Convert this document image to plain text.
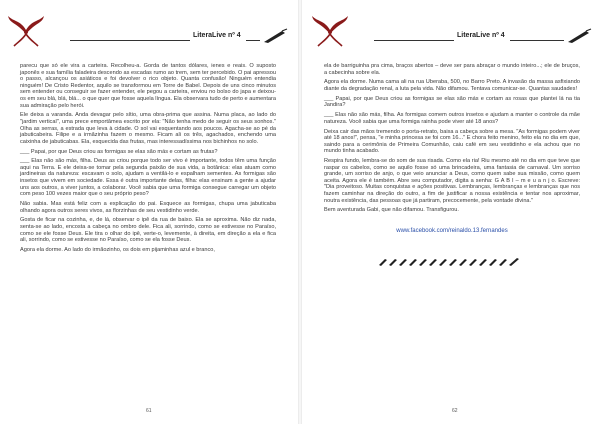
LiteraLive nº 4

parecu que só ele vira a carteira. Recolheu-a. Gorda de tantos dólares, ienes e reais. O suposto japonês e sua família faladeira descendo as escadas rumo ao trem, sem ter percebido. O pai apressou o passo, alcançou os asiáticos e foi devolver o rico objeto. Quanta confusão! Ninguém entendia ninguém! De Cristo Redentor, aquilo se transformou em Torre de Babel. Depois de uns cinco minutos sem entender ou conseguir se fazer entender, ele pegou a carteira, enviou no bolso do japa e deixou-os em seu blá, blá, blá... o que quer que fosse aquela língua. Ela observara tudo de perto e aumentara sua admiração pelo herói.

Ele deixa a varanda. Anda devagar pelo sítio, uma obra-prima que assina. Numa placa, ao lado do "jardim vertical", uma prece emportâmea escrito por ela: "Não tenha medo de seguir os seus sonhos." Olha as serras, a estrada que leva à cidade. O sol vai esquentando aos poucos. Agacha-se ao pé da jabuticabeira. Filipe e a irmãzinha fazem o mesmo. Ficam ali os três, agachados, enchendo uma caixinha de jabuticabas. Ela, esquecida das frutas, mas interessadíssima nos bichinhos no solo.

___ Papai, por que Deus criou as formigas se elas são más e cortam as frutas?

___ Elas não são más, filha. Deus as criou porque todo ser vivo é importante, todos têm uma função aqui na Terra. E ele deixa-se tomar pela segunda paixão de sua vida, a botânica: elas atuam como jardineiras da natureza: escavam o solo, ajudam a ventilá-lo e espalham sementes. As formigas são insetos que vivem em sociedade. Essa é outra importante delas, filha: elas ensinam a gente a ajudar uns aos outros, a viver juntos, a colaborar. Você sabia que uma formiga consegue carregar um objeto com peso 100 vezes maior que o seu próprio peso?

Não sabia. Mas está feliz com a explicação do pai. Esquece as formigas, chupa uma jabuticaba olhando agora outros seres vivos, as florzinhas de seu vestidinho verde.

Gosta de ficar na cozinha, e, de lá, observar o ipê da rua de baixo. Ela se aproxima. Não diz nada, senta-se ao lado, encosta a cabeça no ombro dele. Fica ali, sorrindo, como se estivesse no Paraíso, como se ele fosse Deus. Ele tira o olhar do ipê, verte-o, levemente, à direita, em direção a ela e fica ali, sorrindo, como se estivesse no Paraíso, como se ela fosse Deus.

Agora ela dorme. Ao lado do irmãozinho, os dois em pijaminhas azul e branco,

61
LiteraLive nº 4

ela de barriguinha pra cima, braços abertos – deve ser para abraçar o mundo inteiro...; ele de bruços, a cabecinha sobre ela.

Agora ela dorme. Numa cama ali na rua Uberaba, 500, no Barro Preto. A invasão da massa asfixiando diante da degradação renal, a luta pela vida. Não difamou. Tentava comunicar-se. Quantas saudades!

___ Papai, por que Deus criou as formigas se elas são más e cortam as rosas que plantei lá na tia Jandira?

___ Elas não são más, filha. As formigas comem outros insetos e ajudam a manter o controle da mãe natureza. Você sabia que uma formiga rainha pode viver até 18 anos?

Deixa cair das mãos tremendo o porta-retrato, baixa a cabeça sobre a mesa. "As formigas podem viver até 18 anos!", pensa, "e minha princesa se foi com 16..." E chora feito menino, feito ela no dia em que, saindo para a cerimônia de Primeira Comunhão, caiu café em seu vestidinho e ela achou que no mundo tinha acabado.

Respira fundo, lembra-se do som de sua risada. Como ela ria! Riu mesmo até no dia em que teve que raspar os cabelos, como se aquilo fosse só uma brincadeira, uma fantasia de carnaval. Um sorriso grande, um sorriso de anjo, o que veio anunciar a Deus, como quem sabe sua missão, como quem aceita. Agora ele é também. Abre seu computador, digita a senha: G A B I – m e u a n j o. Escreve: "Dia proveitoso. Muitas conquistas e ações positivas. Lembranças, lembranças e lembranças que nos fazem caminhar na direção do outro, a fim de justificar a nossa existência e tentar nos aproximar, noutra existência, das pessoas que já partiram, precocemente, pela vontade divina."

Bem aventurada Gabi, que não difamou. Transfigurou.

www.facebook.com/reinaldo.13.fernandes
62
